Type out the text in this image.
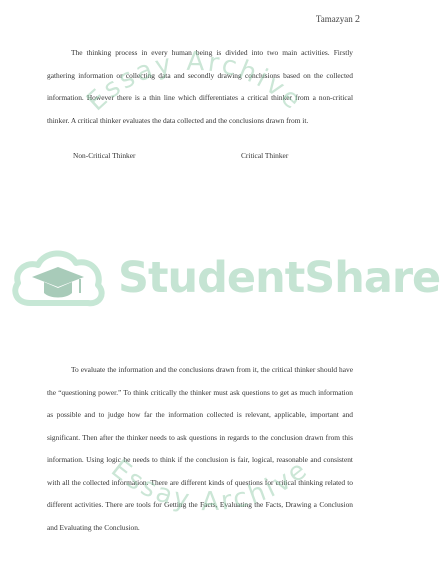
Tamazyan 2

The thinking process in every human being is divided into two main activities. Firstly gathering information or collecting data and secondly drawing conclusions based on the collected information. However there is a thin line which differentiates a critical thinker from a non-critical thinker. A critical thinker evaluates the data collected and the conclusions drawn from it.

Non-Critical Thinker	Critical Thinker

To evaluate the information and the conclusions drawn from it, the critical thinker should have the “questioning power.” To think critically the thinker must ask questions to get as much information as possible and to judge how far the information collected is relevant, applicable, important and significant. Then after the thinker needs to ask questions in regards to the conclusion drawn from this information. Using logic he needs to think if the conclusion is fair, logical, reasonable and consistent with all the collected information. There are different kinds of questions for critical thinking related to different activities. There are tools for Getting the Facts, Evaluating the Facts, Drawing a Conclusion and Evaluating the Conclusion.

Essay Archive
Essay Archive
StudentShare
